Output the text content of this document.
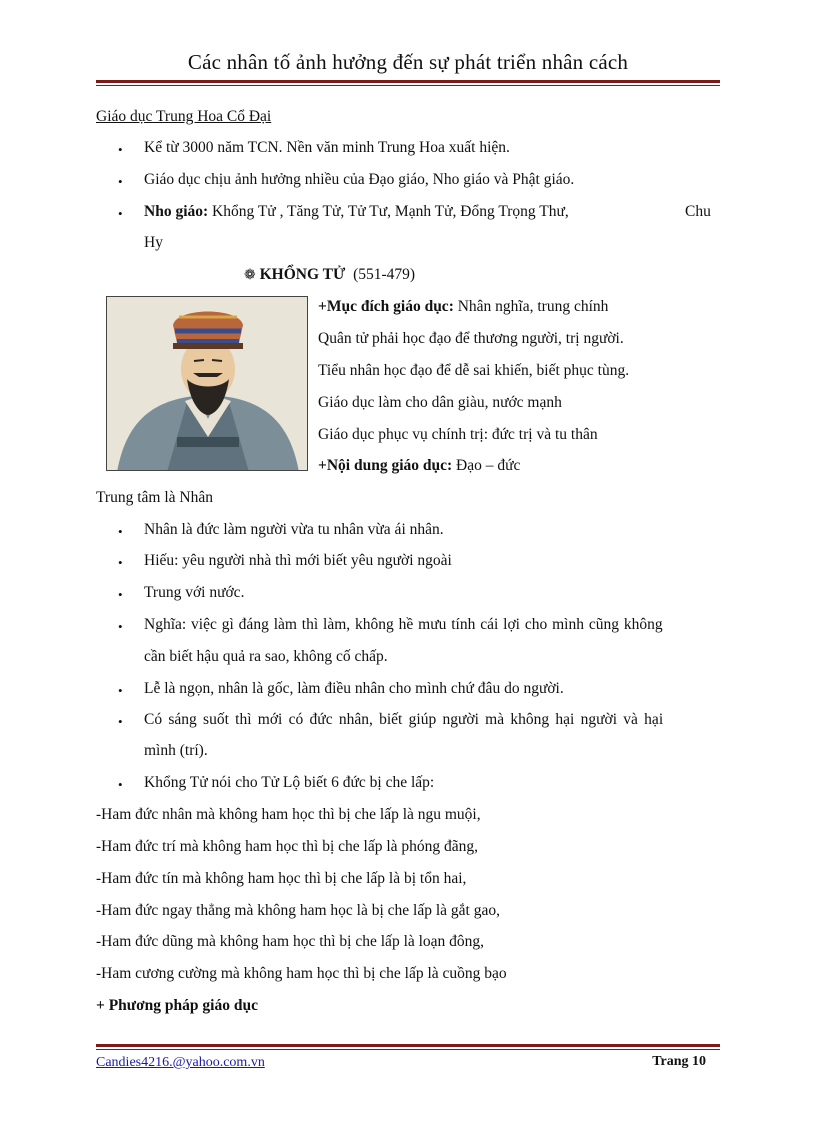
Các nhân tố ảnh hưởng đến sự phát triển nhân cách
Giáo dục Trung Hoa Cổ Đại
• Kể từ 3000 năm TCN. Nền văn minh Trung Hoa xuất hiện.
• Giáo dục chịu ảnh hưởng nhiều của Đạo giáo, Nho giáo và Phật giáo.
• Nho giáo: Khổng Tử , Tăng Tử, Tử Tư, Mạnh Tử, Đổng Trọng Thư,	Chu
Hy
❁ KHỔNG TỬ (551-479)
+Mục đích giáo dục: Nhân nghĩa, trung chính
Quân tử phải học đạo để thương người, trị người.
Tiểu nhân học đạo để dễ sai khiến, biết phục tùng.
Giáo dục làm cho dân giàu, nước mạnh
Giáo dục phục vụ chính trị: đức trị và tu thân
+Nội dung giáo dục: Đạo – đức
Trung tâm là Nhân
• Nhân là đức làm người vừa tu nhân vừa ái nhân.
• Hiếu: yêu người nhà thì mới biết yêu người ngoài
• Trung với nước.
• Nghĩa: việc gì đáng làm thì làm, không hề mưu tính cái lợi cho mình cũng không
cần biết hậu quả ra sao, không cố chấp.
• Lễ là ngọn, nhân là gốc, làm điều nhân cho mình chứ đâu do người.
• Có sáng suốt thì mới có đức nhân, biết giúp người mà không hại người và hại
mình (trí).
• Khổng Tử nói cho Tử Lộ biết 6 đức bị che lấp:
-Ham đức nhân mà không ham học thì bị che lấp là ngu muội,
-Ham đức trí mà không ham học thì bị che lấp là phóng đãng,
-Ham đức tín mà không ham học thì bị che lấp là bị tổn hai,
-Ham đức ngay thẳng mà không ham học là bị che lấp là gắt gao,
-Ham đức dũng mà không ham học thì bị che lấp là loạn đông,
-Ham cương cường mà không ham học thì bị che lấp là cuồng bạo
+ Phương pháp giáo dục
Candies4216.@yahoo.com.vn	Trang 10
